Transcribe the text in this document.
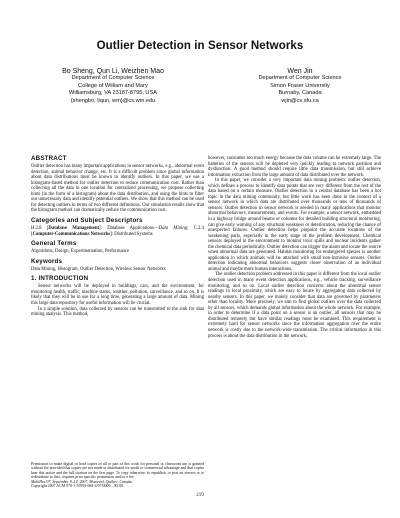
Outlier Detection in Sensor Networks
Bo Sheng, Qun Li, Weizhen Mao
Department of Computer Science
College of William and Mary
Williamsburg, VA 23187-8795, USA
{shengbo, liqun, wm}@cs.wm.edu
Wen Jin
Department of Computer Science
Simon Fraser University
Burnaby, Canada
wjin@cs.sfu.ca
ABSTRACT

Outlier detection has many important applications in sensor networks, e.g., abnormal event detection, animal behavior change, etc. It is a difficult problem since global information about data distributions must be known to identify outliers. In this paper, we use a histogram-based method for outlier detection to reduce communication cost. Rather than collecting all the data in one location for centralized processing, we propose collecting hints (in the form of a histogram) about the data distribution, and using the hints to filter out unnecessary data and identify potential outliers. We show that this method can be used for detecting outliers in terms of two different definitions. Our simulation results show that the histogram method can dramatically reduce the communication cost.

Categories and Subject Descriptors

H.2.8 [Database Management]: Database Applications—Data Mining; C.2.4 [Computer-Communications Networks]: Distributed Systems

General Terms

Algorithms, Design, Experimentation, Performance

Keywords

Data Mining, Histogram, Outlier Detection, Wireless Sensor Networks

1. INTRODUCTION

Sensor networks will be deployed in buildings, cars, and the environment, for monitoring health, traffic, machine status, weather, pollution, surveillance, and so on. It is likely that they will be in use for a long time, generating a large amount of data. Mining this large data repository for useful information will be crucial.

In a simple solution, data collected by sensors can be transmitted to the sink for data mining analysis. This method,

Permission to make digital or hard copies of all or part of this work for personal or classroom use is granted without fee provided that copies are not made or distributed for profit or commercial advantage and that copies bear this notice and the full citation on the first page. To copy otherwise, to republish, to post on servers or to redistribute to lists, requires prior specific permission and/or a fee.
MobiHoc'07, September 9–14, 2007, Montréal, Québec, Canada.
Copyright 2007 ACM 978-1-59593-684-4/07/0009 ...$5.00.

however, consumes too much energy because the data volume can be extremely large. The batteries of the sensors will be depleted very quickly leading to network partition and dysfunction. A good method should require little data transmission, but still achieve information extraction from the large amount of data distributed over the network.

In this paper, we consider a very important data mining problem: outlier detection, which defines a process to identify data points that are very different from the rest of the data based on a certain measure. Outlier detection in a central database has been a hot topic in the data mining community, but little work has been done in the context of a sensor network in which data are distributed over thousands or tens of thousands of sensors. Outlier detection in sensor network is needed in many applications that monitor abnormal behaviors, measurements, and events. For example, a sensor network, embedded in a highway bridge around beams or columns for detailed building structural monitoring, can give early warning of any structural weakness or deterioration, reducing the chance of unexpected failures. Outlier detection helps pinpoint the accurate locations of the weakening parts, especially in the early stage of the problem development. Chemical sensors deployed in the environment to monitor toxic spills and nuclear incidents gather the chemical data periodically. Outlier detection can trigger the alarm and locate the source when abnormal data are generated. Habitat monitoring for endangered species is another application in which animals will be attached with small non-intrusive sensors. Outlier detection indicating abnormal behaviors suggests closer observation of an individual animal and maybe more human interactions.

The outlier detection problem addressed in this paper is different from the local outlier detection used in many event detection applications, e.g., vehicle tracking, surveillance monitoring, and so on. Local outlier detection concerns about the abnormal sensor readings in local proximity, which are easy to locate by aggregating data collected by nearby sensors. In this paper, we mainly consider that data are governed by parameters other than locality. More precisely, we aim to find global outliers over the data collected by all sensors, which demands global information about the whole network. For example, in order to determine if a data point on a sensor is an outlier, all sensors that may be distributed remotely but have similar readings must be examined. This requirement is extremely hard for sensor networks since the information aggregation over the entire network is costly due to the network-wide transmission. The critical information in this process is about the data distribution in the network,

219
